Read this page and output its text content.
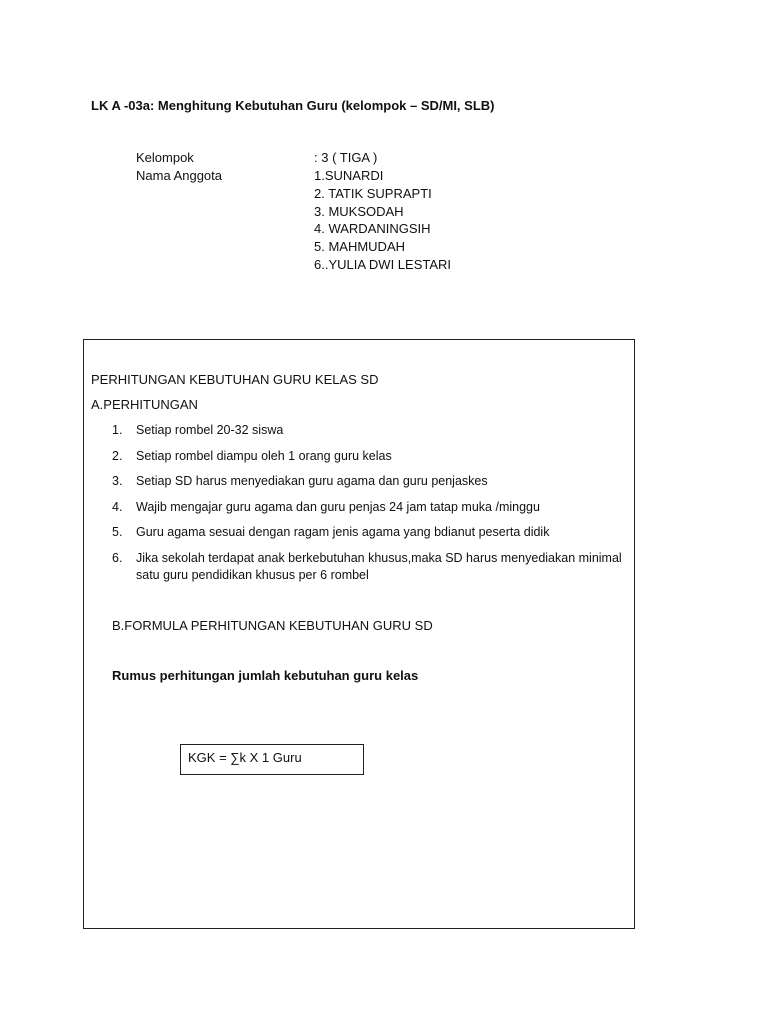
LK A -03a: Menghitung Kebutuhan Guru (kelompok – SD/MI, SLB)
Kelompok	: 3 ( TIGA )
Nama Anggota	1.SUNARDI
2. TATIK SUPRAPTI
3. MUKSODAH
4. WARDANINGSIH
5. MAHMUDAH
6..YULIA DWI LESTARI
PERHITUNGAN KEBUTUHAN GURU KELAS SD
A.PERHITUNGAN
1.	Setiap rombel 20-32 siswa
2.	Setiap rombel diampu oleh 1 orang guru kelas
3.	Setiap SD harus menyediakan guru agama dan guru penjaskes
4.	Wajib mengajar guru agama dan guru penjas 24 jam tatap muka /minggu
5.	Guru agama sesuai dengan ragam jenis agama yang bdianut peserta didik
6.	Jika sekolah terdapat anak berkebutuhan khusus,maka SD harus menyediakan minimal satu guru pendidikan khusus per 6 rombel
B.FORMULA PERHITUNGAN KEBUTUHAN GURU SD
Rumus perhitungan jumlah kebutuhan guru kelas
KGK = ∑k X 1 Guru
